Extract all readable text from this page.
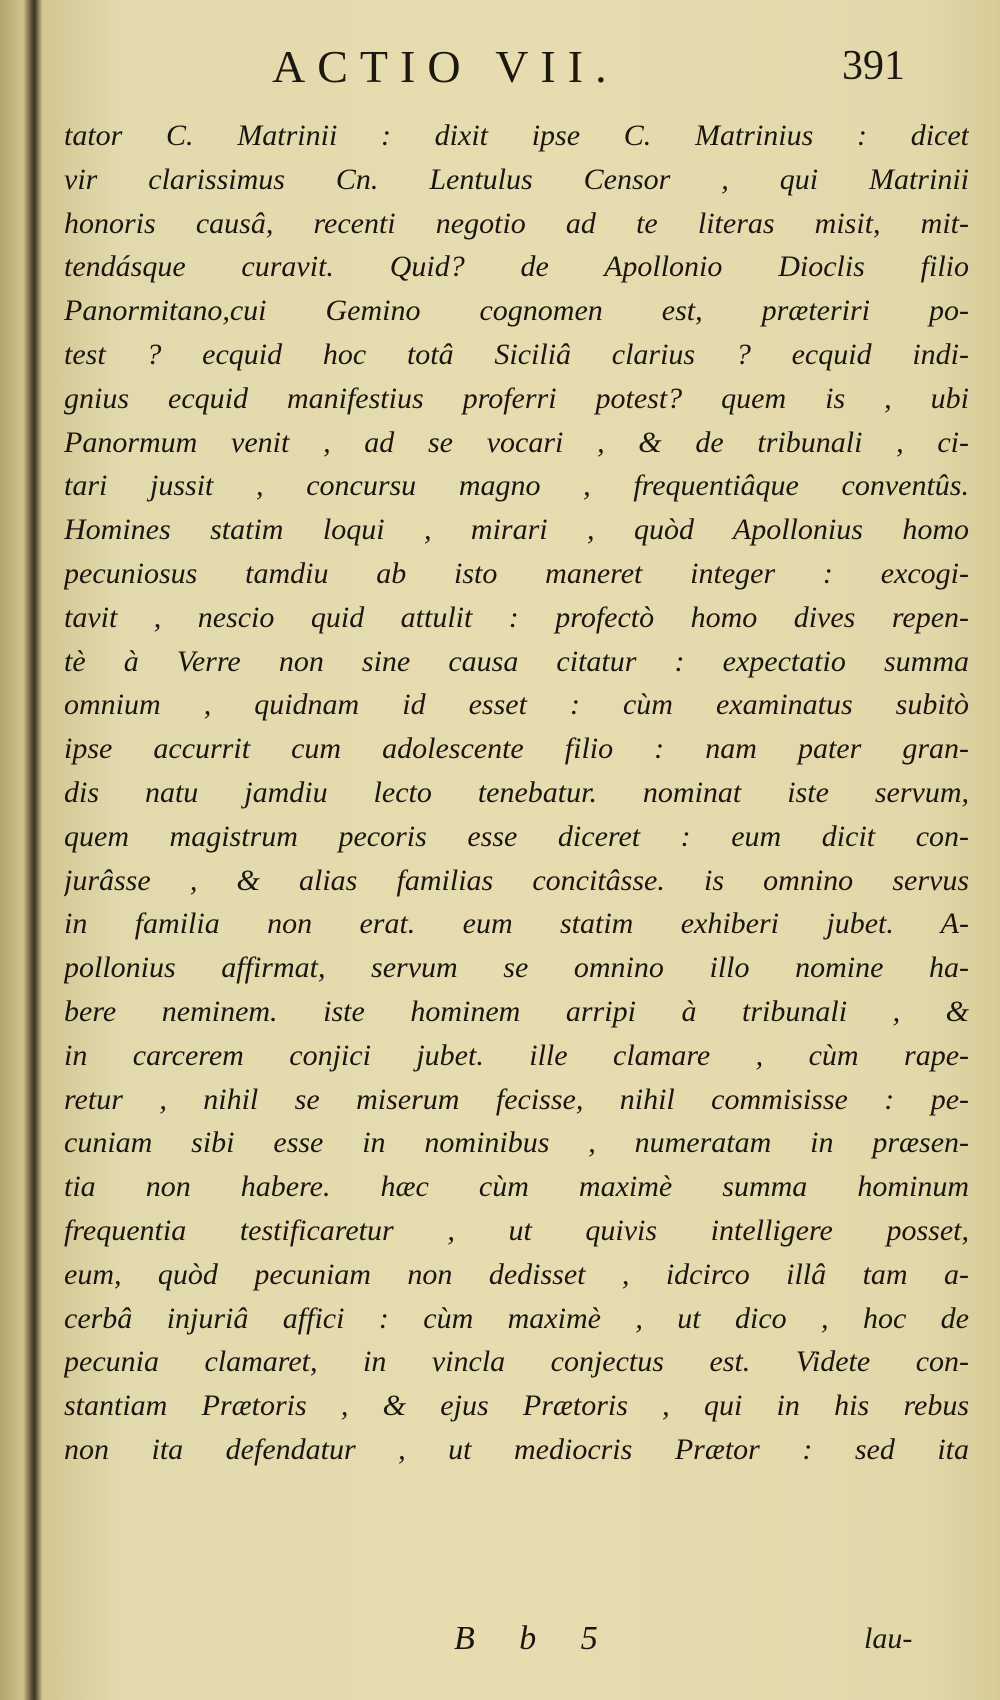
ACTIO VII.	391
tator C. Matrinii : dixit ipse C. Matrinius : dicet
vir clarissimus Cn. Lentulus Censor , qui Matrinii
honoris causâ, recenti negotio ad te literas misit, mit-
tendásque curavit. Quid? de Apollonio Dioclis filio
Panormitano,cui Gemino cognomen est, præteriri po-
test ? ecquid hoc totâ Siciliâ clarius ? ecquid indi-
gnius ecquid manifestius proferri potest? quem is , ubi
Panormum venit , ad se vocari , & de tribunali , ci-
tari jussit , concursu magno , frequentiâque conventûs.
Homines statim loqui , mirari , quòd Apollonius homo
pecuniosus tamdiu ab isto maneret integer : excogi-
tavit , nescio quid attulit : profectò homo dives repen-
tè à Verre non sine causa citatur : expectatio summa
omnium , quidnam id esset : cùm examinatus subitò
ipse accurrit cum adolescente filio : nam pater gran-
dis natu jamdiu lecto tenebatur. nominat iste servum,
quem magistrum pecoris esse diceret : eum dicit con-
jurâsse , & alias familias concitâsse. is omnino servus
in familia non erat. eum statim exhiberi jubet. A-
pollonius affirmat, servum se omnino illo nomine ha-
bere neminem. iste hominem arripi à tribunali , &
in carcerem conjici jubet. ille clamare , cùm rape-
retur , nihil se miserum fecisse, nihil commisisse : pe-
cuniam sibi esse in nominibus , numeratam in præsen-
tia non habere. hæc cùm maximè summa hominum
frequentia testificaretur , ut quivis intelligere posset,
eum, quòd pecuniam non dedisset , idcirco illâ tam a-
cerbâ injuriâ affici : cùm maximè , ut dico , hoc de
pecunia clamaret, in vincla conjectus est. Videte con-
stantiam Prætoris , & ejus Prætoris , qui in his rebus
non ita defendatur , ut mediocris Prætor : sed ita
B b 5	lau-
